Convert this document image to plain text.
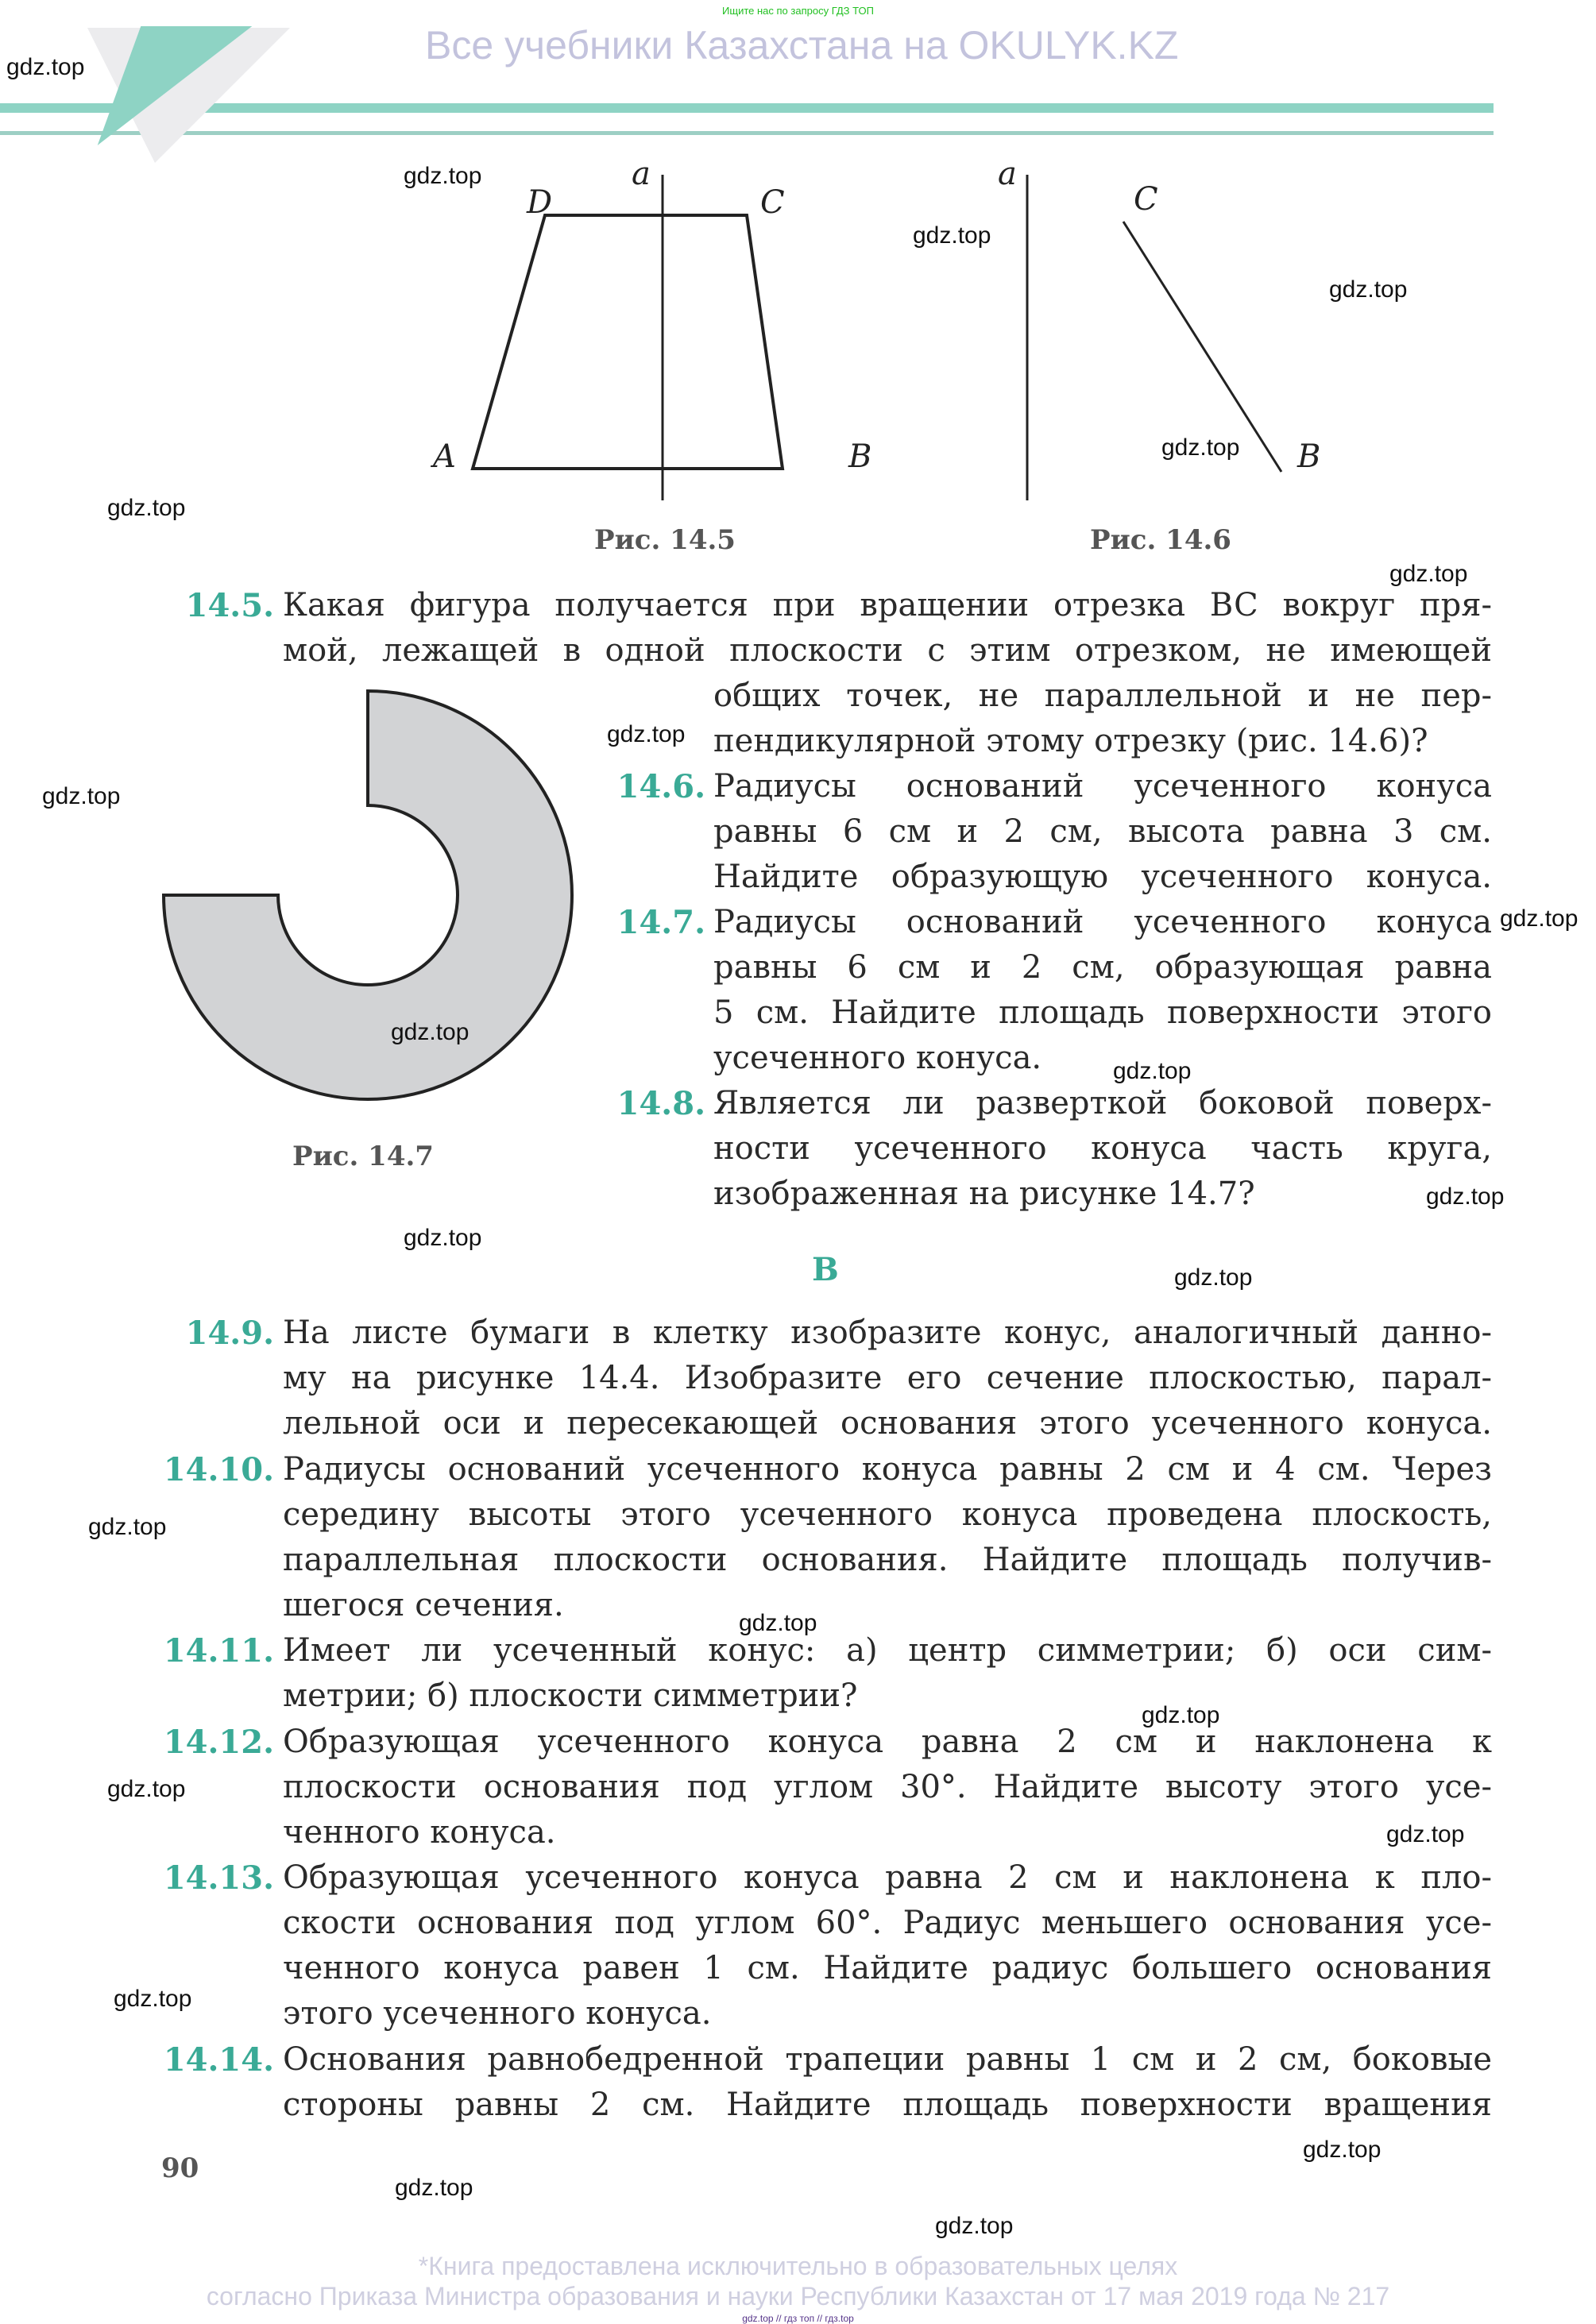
Ищите нас по запросу ГДЗ ТОП
Все учебники Казахстана на OKULYK.KZ
a
D	C
A	B
Рис. 14.5
a
C
B
Рис. 14.6
Рис. 14.7
14.5. Какая фигура получается при вращении отрезка BC вокруг пря-
мой, лежащей в одной плоскости с этим отрезком, не имеющей
общих точек, не параллельной и не пер-
пендикулярной этому отрезку (рис. 14.6)?
14.6. Радиусы оснований усеченного конуса
равны 6 см и 2 см, высота равна 3 см.
Найдите образующую усеченного конуса.
14.7. Радиусы оснований усеченного конуса
равны 6 см и 2 см, образующая равна
5 см. Найдите площадь поверхности этого
усеченного конуса.
14.8. Является ли разверткой боковой поверх-
ности усеченного конуса часть круга,
изображенная на рисунке 14.7?
B
14.9. На листе бумаги в клетку изобразите конус, аналогичный данно-
му на рисунке 14.4. Изобразите его сечение плоскостью, парал-
лельной оси и пересекающей основания этого усеченного конуса.
14.10. Радиусы оснований усеченного конуса равны 2 см и 4 см. Через
середину высоты этого усеченного конуса проведена плоскость,
параллельная плоскости основания. Найдите площадь получив-
шегося сечения.
14.11. Имеет ли усеченный конус: а) центр симметрии; б) оси сим-
метрии; б) плоскости симметрии?
14.12. Образующая усеченного конуса равна 2 см и наклонена к
плоскости основания под углом 30°. Найдите высоту этого усе-
ченного конуса.
14.13. Образующая усеченного конуса равна 2 см и наклонена к пло-
скости основания под углом 60°. Радиус меньшего основания усе-
ченного конуса равен 1 см. Найдите радиус большего основания
этого усеченного конуса.
14.14. Основания равнобедренной трапеции равны 1 см и 2 см, боковые
стороны равны 2 см. Найдите площадь поверхности вращения
90
gdz.top
gdz.top
gdz.top
gdz.top
gdz.top
gdz.top
gdz.top
gdz.top
gdz.top
gdz.top
gdz.top
gdz.top
gdz.top
gdz.top
gdz.top
gdz.top
gdz.top
gdz.top
gdz.top
gdz.top
gdz.top
gdz.top
gdz.top
gdz.top
*Книга предоставлена исключительно в образовательных целях
согласно Приказа Министра образования и науки Республики Казахстан от 17 мая 2019 года № 217
gdz.top // гдз топ // гдз.top
